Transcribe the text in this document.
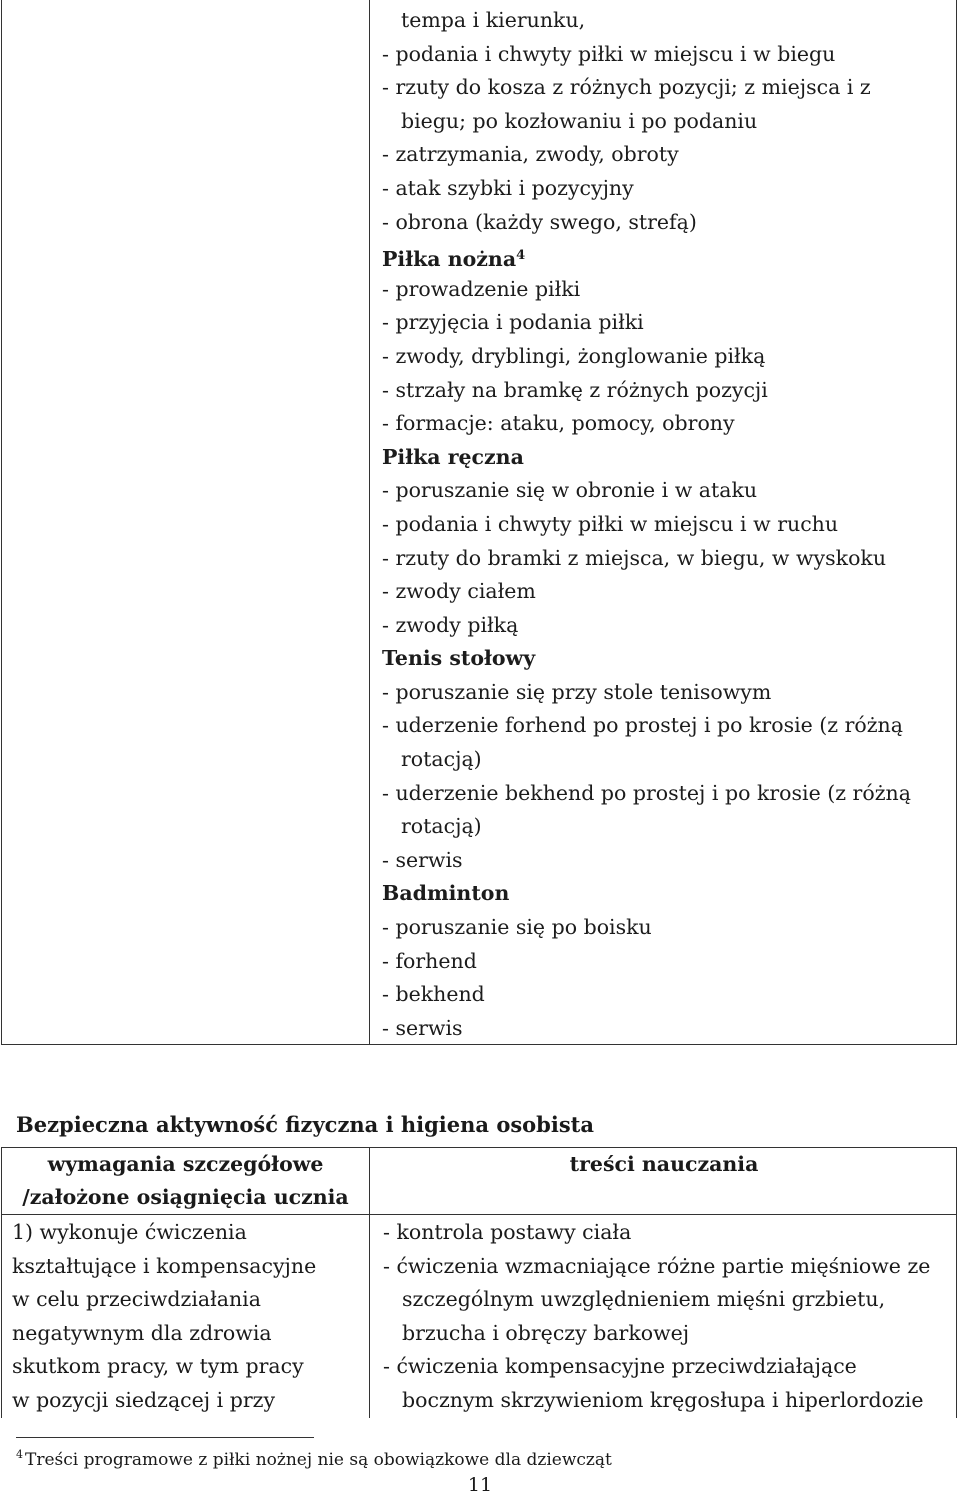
tempa i kierunku,
- podania i chwyty piłki w miejscu i w biegu
- rzuty do kosza z różnych pozycji; z miejsca i z
biegu; po kozłowaniu i po podaniu
- zatrzymania, zwody, obroty
- atak szybki i pozycyjny
- obrona (każdy swego, strefą)
Piłka nożna$^4$
- prowadzenie piłki
- przyjęcia i podania piłki
- zwody, dryblingi, żonglowanie piłką
- strzały na bramkę z różnych pozycji
- formacje: ataku, pomocy, obrony
Piłka ręczna
- poruszanie się w obronie i w ataku
- podania i chwyty piłki w miejscu i w ruchu
- rzuty do bramki z miejsca, w biegu, w wyskoku
- zwody ciałem
- zwody piłką
Tenis stołowy
- poruszanie się przy stole tenisowym
- uderzenie forhend po prostej i po krosie (z różną
rotacją)
- uderzenie bekhend po prostej i po krosie (z różną
rotacją)
- serwis
Badminton
- poruszanie się po boisku
- forhend
- bekhend
- serwis
Bezpieczna aktywność fizyczna i higiena osobista
wymagania szczegółowe
/założone osiągnięcia ucznia
treści nauczania
1) wykonuje ćwiczenia
kształtujące i kompensacyjne
w celu przeciwdziałania
negatywnym dla zdrowia
skutkom pracy, w tym pracy
w pozycji siedzącej i przy
- kontrola postawy ciała
- ćwiczenia wzmacniające różne partie mięśniowe ze
szczególnym uwzględnieniem mięśni grzbietu,
brzucha i obręczy barkowej
- ćwiczenia kompensacyjne przeciwdziałające
bocznym skrzywieniom kręgosłupa i hiperlordozie
$^4$ Treści programowe z piłki nożnej nie są obowiązkowe dla dziewcząt
11
